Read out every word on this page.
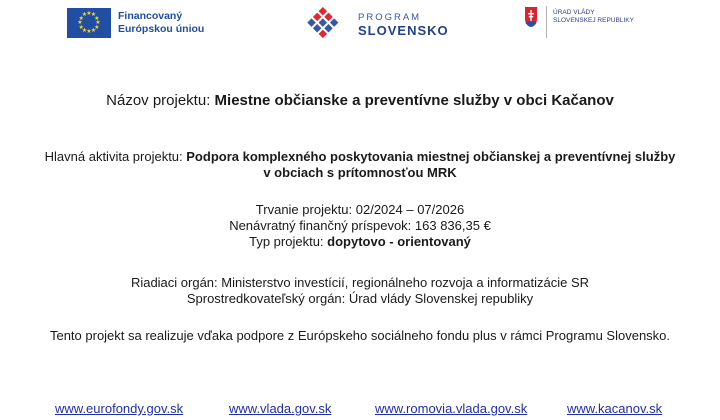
★ ★
★
★
★
★
★
★
★
★
★
★	Financovaný
Európskou úniou
PROGRAM
SLOVENSKO
ÚRAD VLÁDY
SLOVENSKEJ REPUBLIKY
Názov projektu: Miestne občianske a preventívne služby v obci Kačanov
Hlavná aktivita projektu: Podpora komplexného poskytovania miestnej občianskej a preventívnej služby
v obciach s prítomnosťou MRK
Trvanie projektu: 02/2024 – 07/2026
Nenávratný finančný príspevok: 163 836,35 €
Typ projektu: dopytovo - orientovaný
Riadiaci orgán: Ministerstvo investícií, regionálneho rozvoja a informatizácie SR
Sprostredkovateľský orgán: Úrad vlády Slovenskej republiky
Tento projekt sa realizuje vďaka podpore z Európskeho sociálneho fondu plus v rámci Programu Slovensko.
www.eurofondy.gov.sk	www.vlada.gov.sk	www.romovia.vlada.gov.sk	www.kacanov.sk
